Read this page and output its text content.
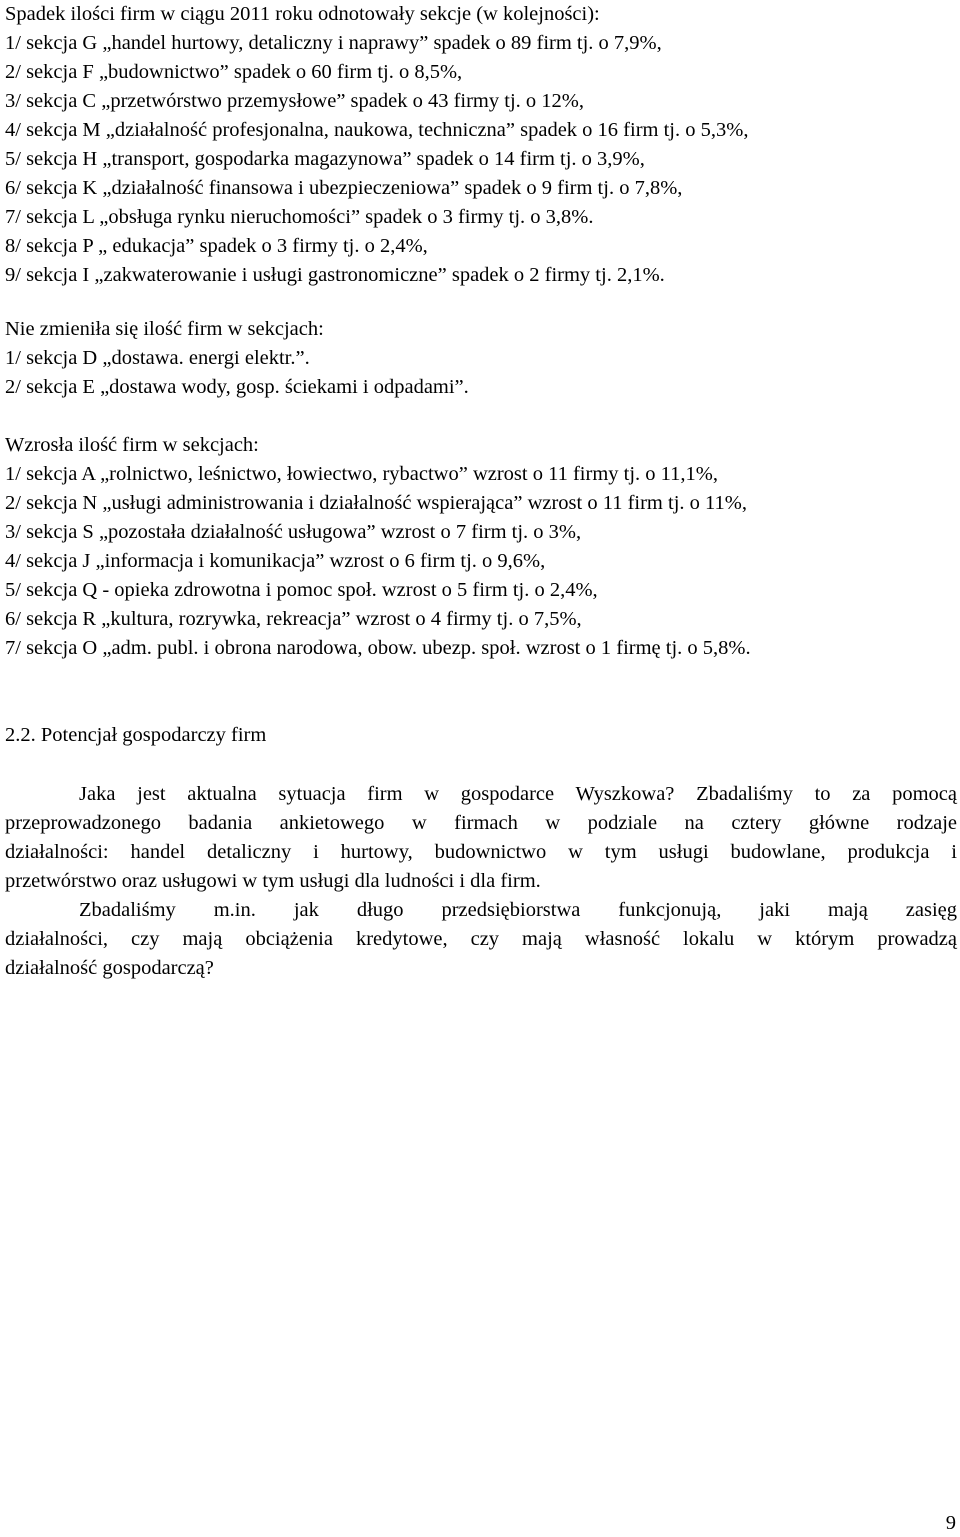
Spadek ilości firm w ciągu 2011 roku odnotowały sekcje (w kolejności):
1/ sekcja G „handel hurtowy, detaliczny i naprawy” spadek o 89 firm tj. o 7,9%,
2/ sekcja F „budownictwo” spadek o 60 firm tj. o 8,5%,
3/ sekcja C „przetwórstwo przemysłowe” spadek o 43 firmy tj. o 12%,
4/ sekcja M „działalność profesjonalna, naukowa, techniczna” spadek o 16 firm tj. o 5,3%,
5/ sekcja H „transport, gospodarka magazynowa” spadek o 14 firm tj. o 3,9%,
6/ sekcja K „działalność finansowa i ubezpieczeniowa” spadek o 9 firm tj. o 7,8%,
7/ sekcja L „obsługa rynku nieruchomości” spadek o 3 firmy tj. o 3,8%.
8/ sekcja P „ edukacja” spadek o 3 firmy tj. o 2,4%,
9/ sekcja I „zakwaterowanie i usługi gastronomiczne” spadek o 2 firmy tj. 2,1%.
Nie zmieniła się ilość firm w sekcjach:
1/ sekcja D „dostawa. energi elektr.”.
2/ sekcja E „dostawa wody, gosp. ściekami i odpadami”.
Wzrosła ilość firm w sekcjach:
1/ sekcja A „rolnictwo, leśnictwo, łowiectwo, rybactwo” wzrost o 11 firmy tj. o 11,1%,
2/ sekcja N „usługi administrowania i działalność wspierająca” wzrost o 11 firm tj. o 11%,
3/ sekcja S „pozostała działalność usługowa” wzrost o 7 firm tj. o 3%,
4/ sekcja J „informacja i komunikacja” wzrost o 6 firm tj. o 9,6%,
5/ sekcja Q - opieka zdrowotna i pomoc społ. wzrost o 5 firm tj. o 2,4%,
6/ sekcja R „kultura, rozrywka, rekreacja” wzrost o 4 firmy tj. o 7,5%,
7/ sekcja O „adm. publ. i obrona narodowa, obow. ubezp. społ. wzrost o 1 firmę tj. o 5,8%.
2.2. Potencjał gospodarczy firm
Jaka jest aktualna sytuacja firm w gospodarce Wyszkowa? Zbadaliśmy to za pomocą
przeprowadzonego badania ankietowego w firmach w podziale na cztery główne rodzaje
działalności: handel detaliczny i hurtowy, budownictwo w tym usługi budowlane, produkcja i
przetwórstwo oraz usługowi w tym usługi dla ludności i dla firm.
Zbadaliśmy m.in. jak długo przedsiębiorstwa funkcjonują, jaki mają zasięg
działalności, czy mają obciążenia kredytowe, czy mają własność lokalu w którym prowadzą
działalność gospodarczą?
9
